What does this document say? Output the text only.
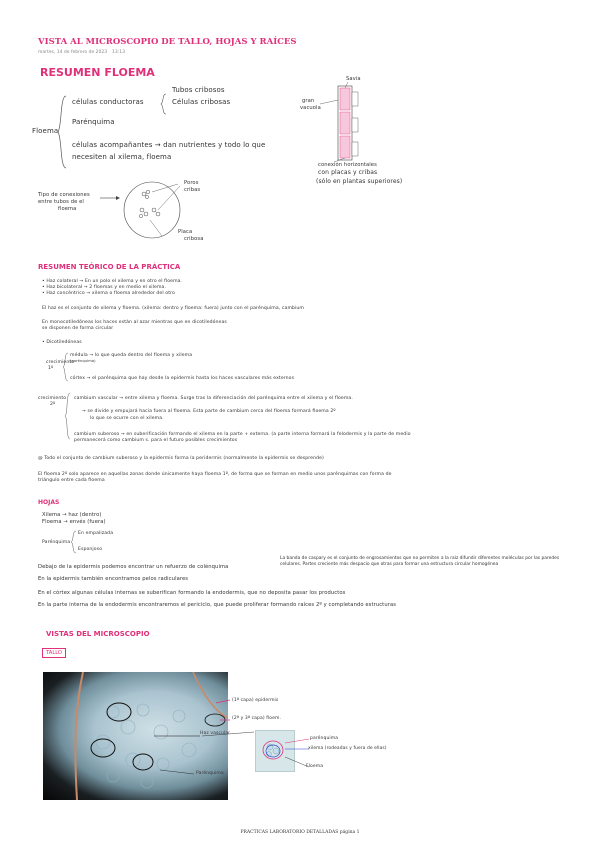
VISTA AL MICROSCOPIO DE TALLO, HOJAS Y RAÍCES
martes, 14 de febrero de 2023 13:13
RESUMEN FLOEMA
Floema
células conductoras
Tubos cribosos
Células cribosas
Parénquima
células acompañantes → dan nutrientes y todo lo que
necesiten al xilema, floema
Tipo de conexiones
entre tubos de el
floema
Poros
cribas
Placa
cribosa
Savia
gran
vacuola
conexión horizontales
con placas y cribas
(sólo en plantas superiores)
RESUMEN TEÓRICO DE LA PRÁCTICA
• Haz colateral → En un polo el xilema y en otro el floema.
• Haz bicolateral → 2 floemas y en medio el xilema.
• Haz concéntrico → xilema o floema alrededor del otro
El haz es el conjunto de xilema y floema. (xilema: dentro y floema: fuera) junto con el parénquima, cambium
En monocotiledóneas los haces están al azar mientras que en dicotiledóneas
se disponen de forma circular
• Dicotiledóneas
crecimiento
1º
médula → lo que queda dentro del floema y xilema
(parénquima)
córtex → el parénquima que hay desde la epidermis hasta los haces vasculares más externos
crecimiento
2º
cambium vascular → entre xilema y floema. Surge tras la diferenciación del parénquima entre el xilema y el floema.
→ se divide y empujará hacia fuera al floema. Esta parte de cambium cerca del floema formará floema 2º
lo que se ocurre con el xilema.
cambium suberoso → en suberificación formando el xilema en la parte + externa. (a parte interna formará la felodermis y la parte de medio
permanecerá como cambium s. para el futuro posibles crecimientos
@ Todo el conjunto de cambium suberoso y la epidermis forma la peridermis (normalmente la epidermis se desprende)
El floema 2º solo aparece en aquellas zonas donde únicamente haya floema 1º, de forma que se forman en medio unos parénquimas con forma de
triángulo entre cada floema
HOJAS
Xilema → haz (dentro)
Floema → envés (fuera)
Parénquima
En empalizada
Esponjoso
Debajo de la epidermis podemos encontrar un refuerzo de colénquima
En la epidermis también encontramos pelos radiculares
La banda de caspary es el conjunto de engrosamientos que no permiten a la raíz difundir diferentes moléculas por las paredes celulares. Partes creciente más despacio que otras para formar una estructura circular homogénea
En el córtex algunas células internas se suberifican formando la endodermis, que no deposita pasar los productos
En la parte interna de la endodermis encontraremos el periciclo, que puede proliferar formando raíces 2º y completando estructuras
VISTAS DEL MICROSCOPIO
TALLO
(1ª capa) epidermis
(2ª y 3ª capa) floem.
Haz vascular
Parénquima
parénquima
xilema (rodeadas y fuera de ellas)
Floema
PRACTICAS LABORATORIO DETALLADAS página 1
